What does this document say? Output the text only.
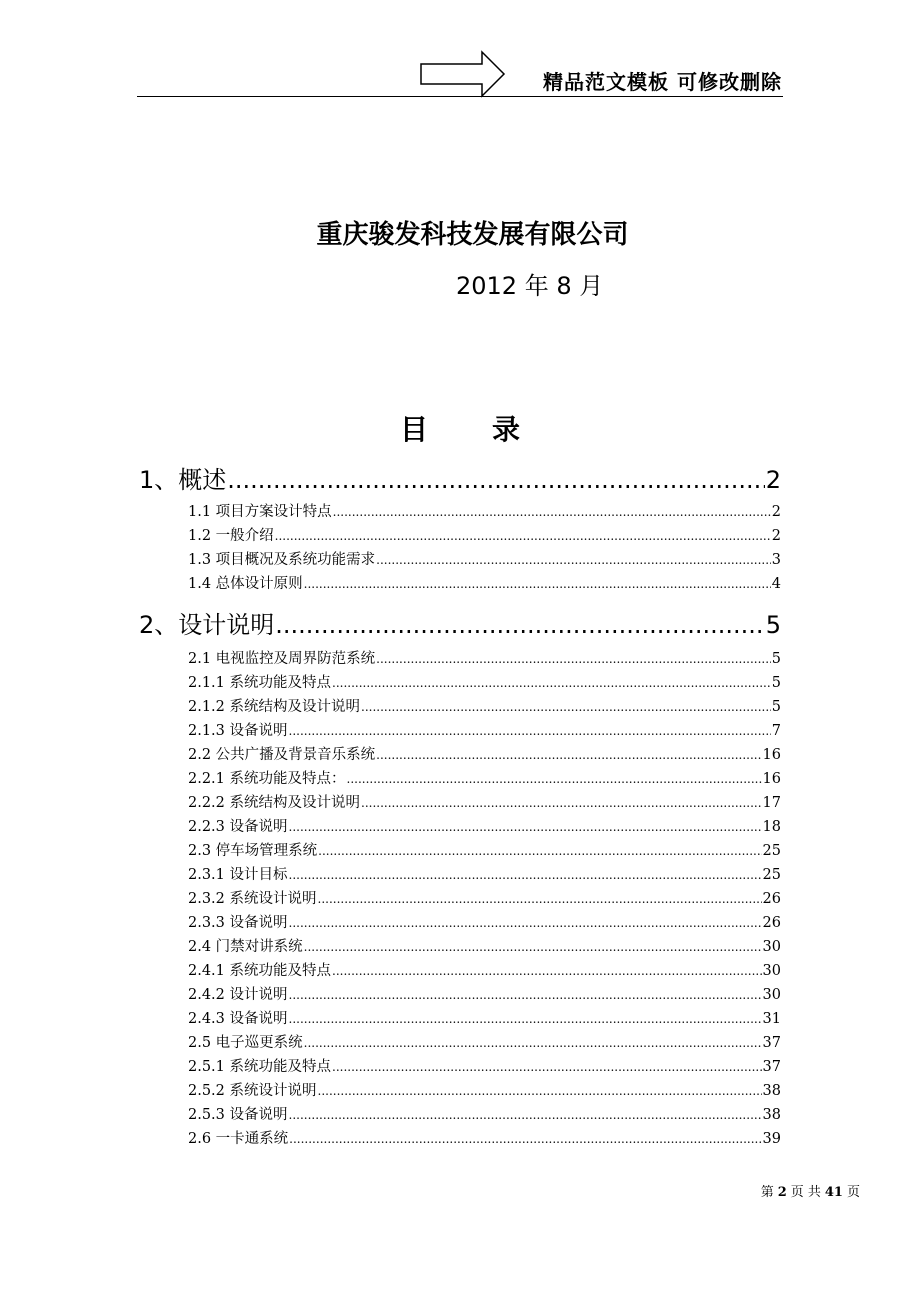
精品范文模板 可修改删除
重庆骏发科技发展有限公司
2012 年 8 月
目　录
1、概述 .....	2
1.1 项目方案设计特点 .....	2
1.2 一般介绍 .....	2
1.3 项目概况及系统功能需求 .....	3
1.4 总体设计原则 .....	4
2、设计说明 .....	5
2.1 电视监控及周界防范系统 .....	5
2.1.1 系统功能及特点 .....	5
2.1.2 系统结构及设计说明 .....	5
2.1.3 设备说明 .....	7
2.2 公共广播及背景音乐系统 .....	16
2.2.1 系统功能及特点： .....	16
2.2.2 系统结构及设计说明 .....	17
2.2.3 设备说明 .....	18
2.3 停车场管理系统 .....	25
2.3.1 设计目标 .....	25
2.3.2 系统设计说明 .....	26
2.3.3 设备说明 .....	26
2.4 门禁对讲系统 .....	30
2.4.1 系统功能及特点 .....	30
2.4.2 设计说明 .....	30
2.4.3 设备说明 .....	31
2.5 电子巡更系统 .....	37
2.5.1 系统功能及特点 .....	37
2.5.2 系统设计说明 .....	38
2.5.3 设备说明 .....	38
2.6 一卡通系统 .....	39
第 2 页 共 41 页
